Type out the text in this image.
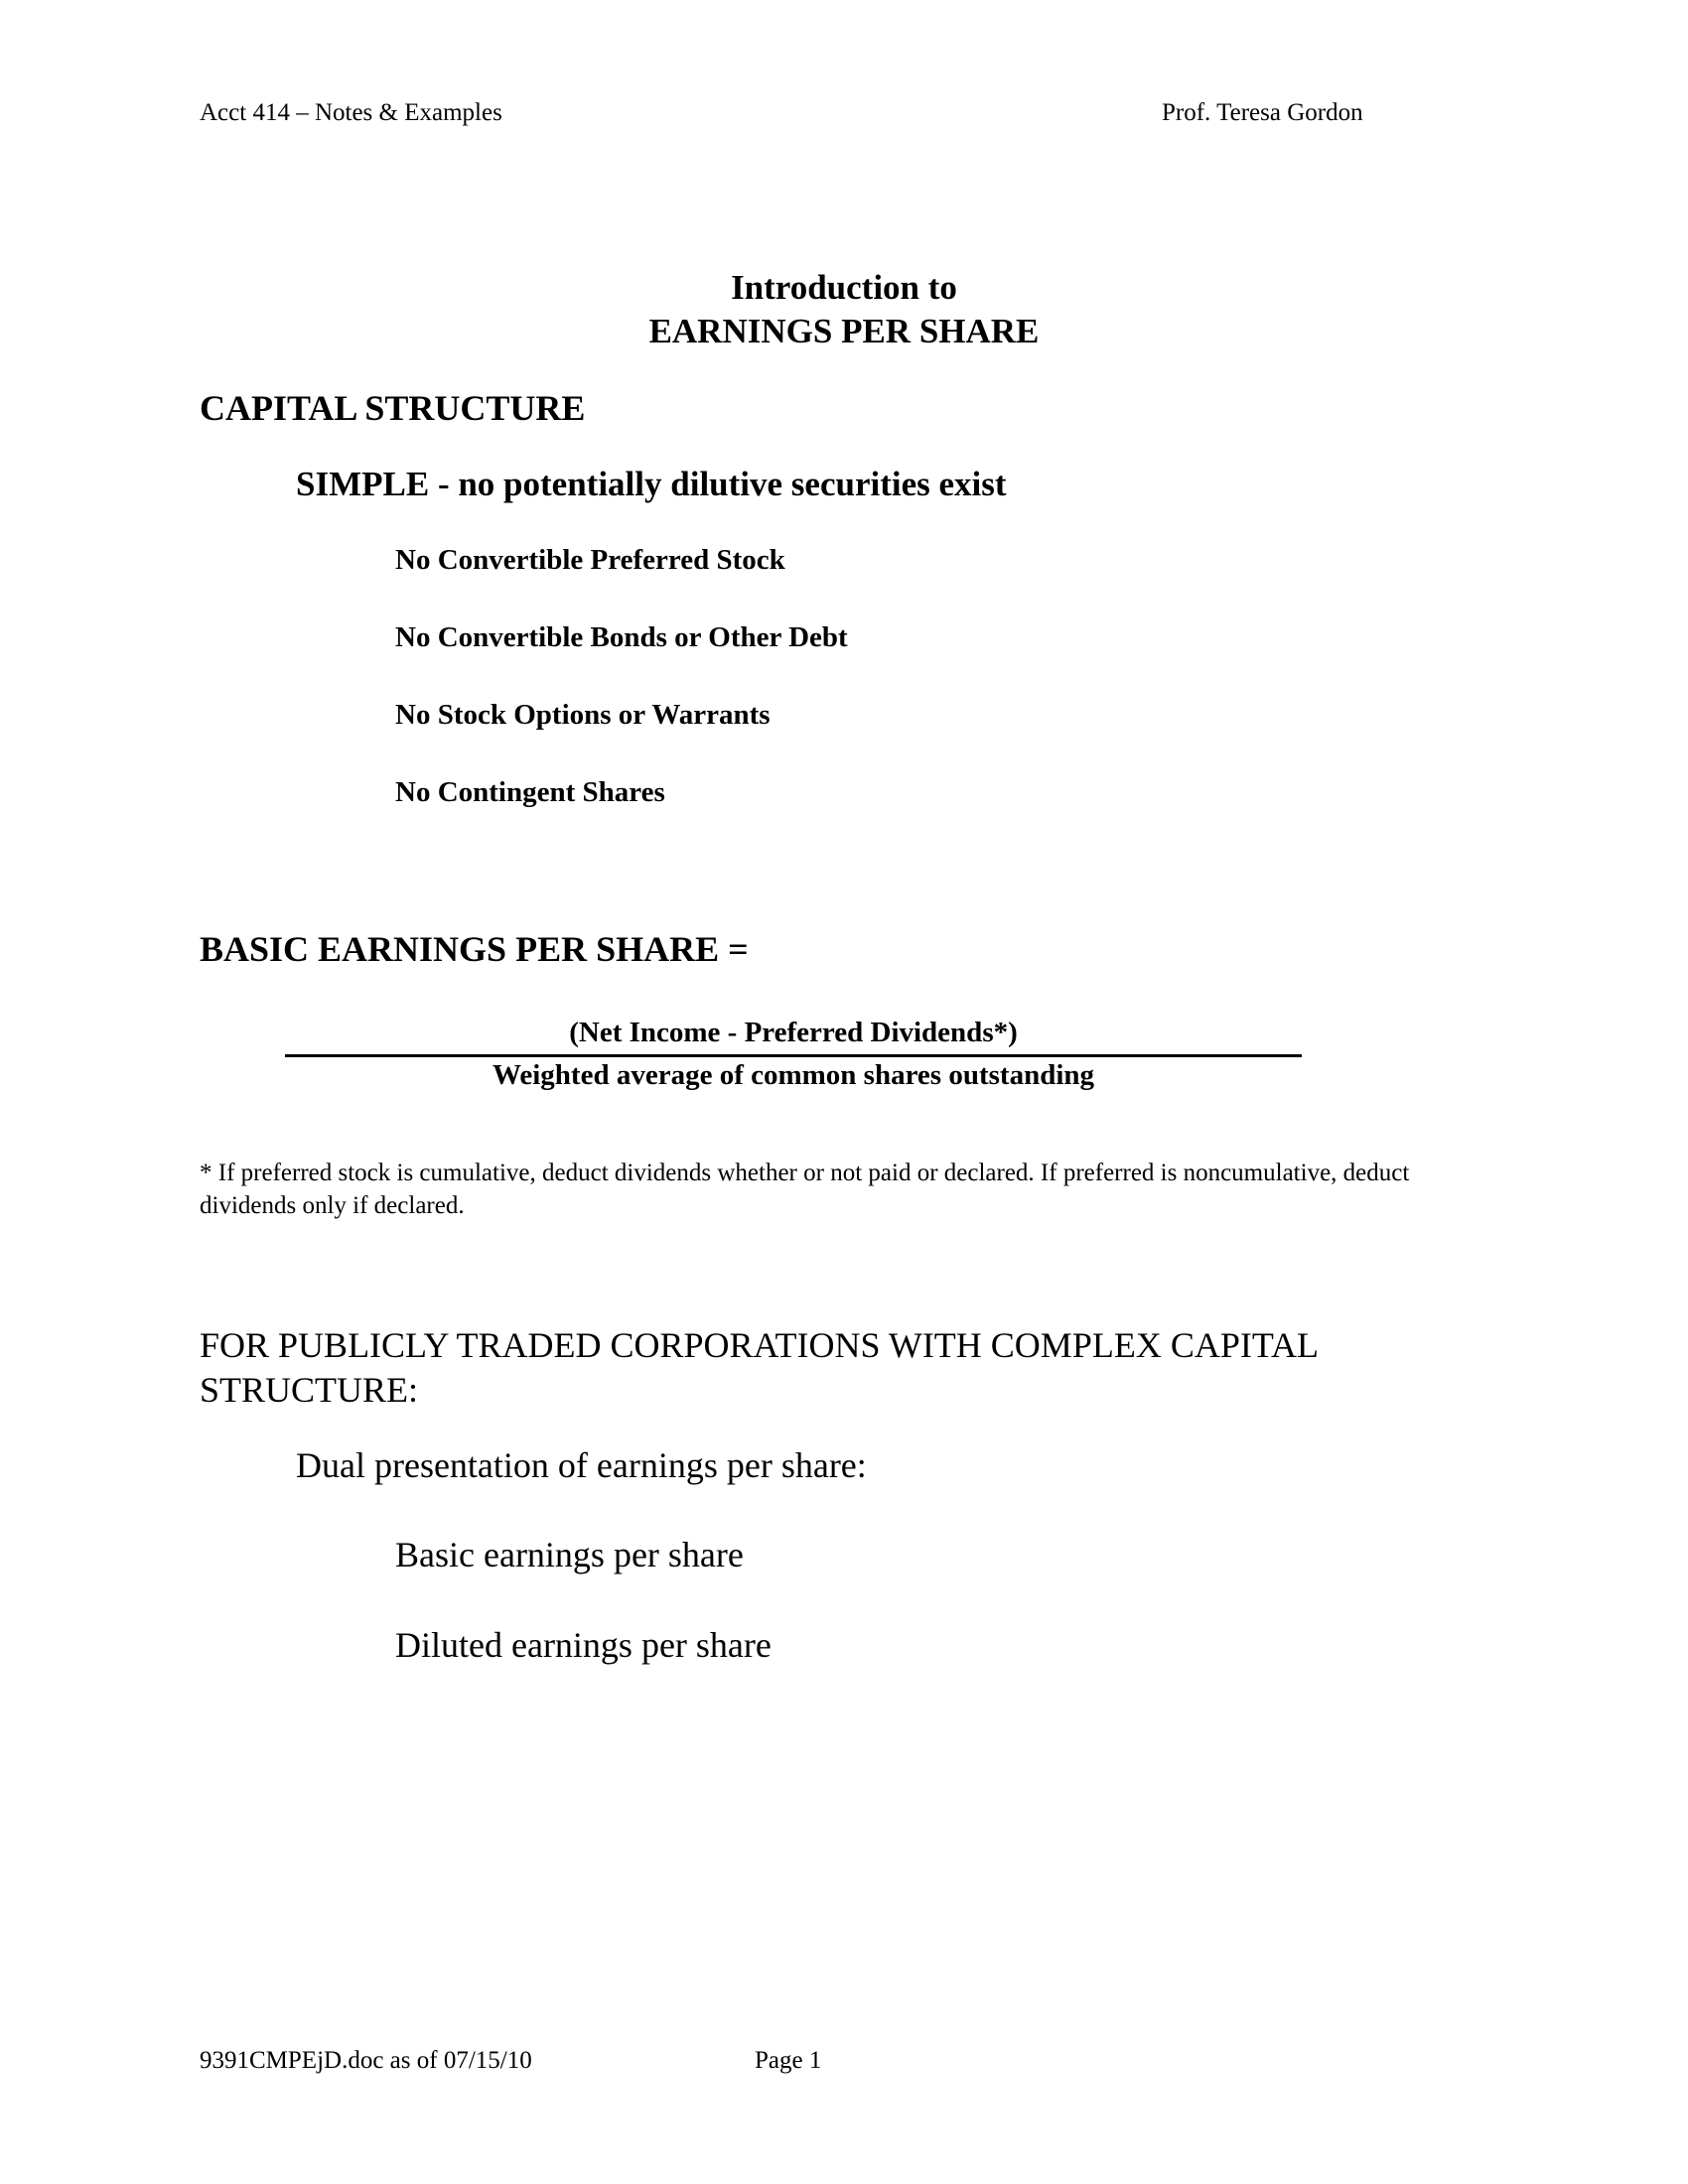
Acct 414 – Notes & Examples	Prof. Teresa Gordon
Introduction to
EARNINGS PER SHARE
CAPITAL STRUCTURE
SIMPLE - no potentially dilutive securities exist
No Convertible Preferred Stock
No Convertible Bonds or Other Debt
No Stock Options or Warrants
No Contingent Shares
BASIC EARNINGS PER SHARE =
(Net Income - Preferred Dividends*)
Weighted average of common shares outstanding
* If preferred stock is cumulative, deduct dividends whether or not paid or declared. If preferred is noncumulative, deduct dividends only if declared.
FOR PUBLICLY TRADED CORPORATIONS WITH COMPLEX CAPITAL STRUCTURE:
Dual presentation of earnings per share:
Basic earnings per share
Diluted earnings per share
9391CMPEjD.doc as of 07/15/10	Page 1
